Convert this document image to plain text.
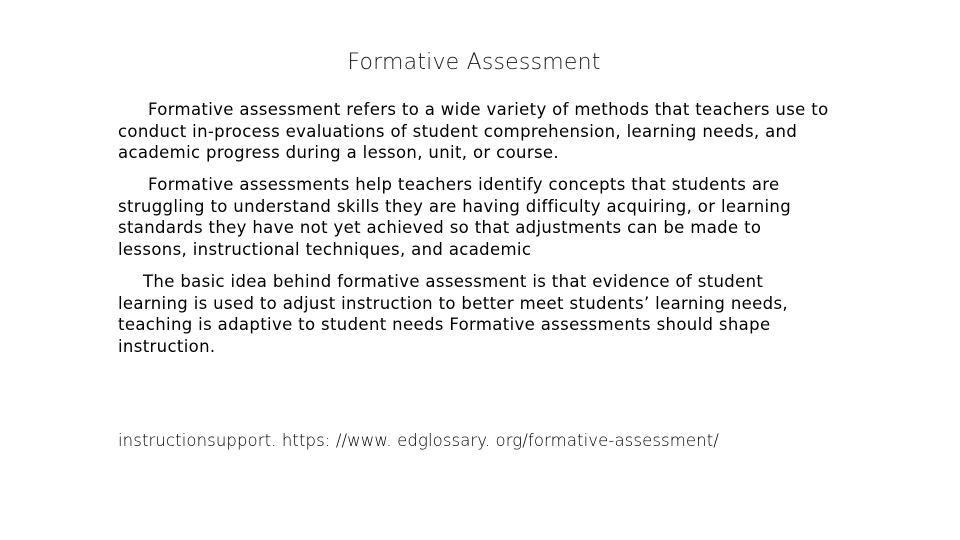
Formative Assessment
Formative assessment refers to a wide variety of methods that teachers use to conduct in-process evaluations of student comprehension, learning needs, and academic progress during a lesson, unit, or course.
Formative assessments help teachers identify concepts that students are struggling to understand skills they are having difficulty acquiring, or learning standards they have not yet achieved so that adjustments can be made to lessons, instructional techniques, and academic
The basic idea behind formative assessment is that evidence of student learning is used to adjust instruction to better meet students’ learning needs, teaching is adaptive to student needs Formative assessments should shape instruction.
instructionsupport. https: //www. edglossary. org/formative-assessment/
